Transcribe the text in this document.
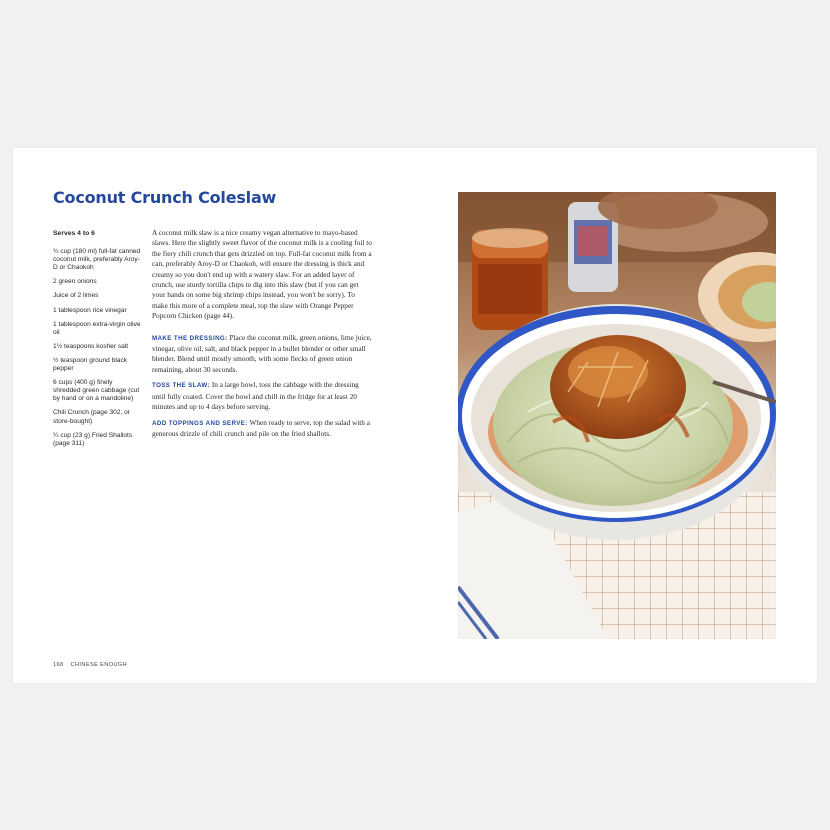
Coconut Crunch Coleslaw
Serves 4 to 6
¾ cup (180 ml) full-fat canned coconut milk, preferably Aroy-D or Chaokoh
2 green onions
Juice of 2 limes
1 tablespoon rice vinegar
1 tablespoon extra-virgin olive oil
1½ teaspoons kosher salt
½ teaspoon ground black pepper
6 cups (400 g) finely shredded green cabbage (cut by hand or on a mandoline)
Chili Crunch (page 302, or store-bought)
¼ cup (23 g) Fried Shallots (page 311)

A coconut milk slaw is a nice creamy vegan alternative to mayo-based slaws. Here the slightly sweet flavor of the coconut milk is a cooling foil to the fiery chili crunch that gets drizzled on top. Full-fat coconut milk from a can, preferably Aroy-D or Chaokoh, will ensure the dressing is thick and creamy so you don't end up with a watery slaw. For an added layer of crunch, use sturdy tortilla chips to dig into this slaw (but if you can get your hands on some big shrimp chips instead, you won't be sorry). To make this more of a complete meal, top the slaw with Orange Pepper Popcorn Chicken (page 44).

MAKE THE DRESSING: Place the coconut milk, green onions, lime juice, vinegar, olive oil, salt, and black pepper in a bullet blender or other small blender. Blend until mostly smooth, with some flecks of green onion remaining, about 30 seconds.

TOSS THE SLAW: In a large bowl, toss the cabbage with the dressing until fully coated. Cover the bowl and chill in the fridge for at least 20 minutes and up to 4 days before serving.

ADD TOPPINGS AND SERVE: When ready to serve, top the salad with a generous drizzle of chili crunch and pile on the fried shallots.

168 CHINESE ENOUGH
